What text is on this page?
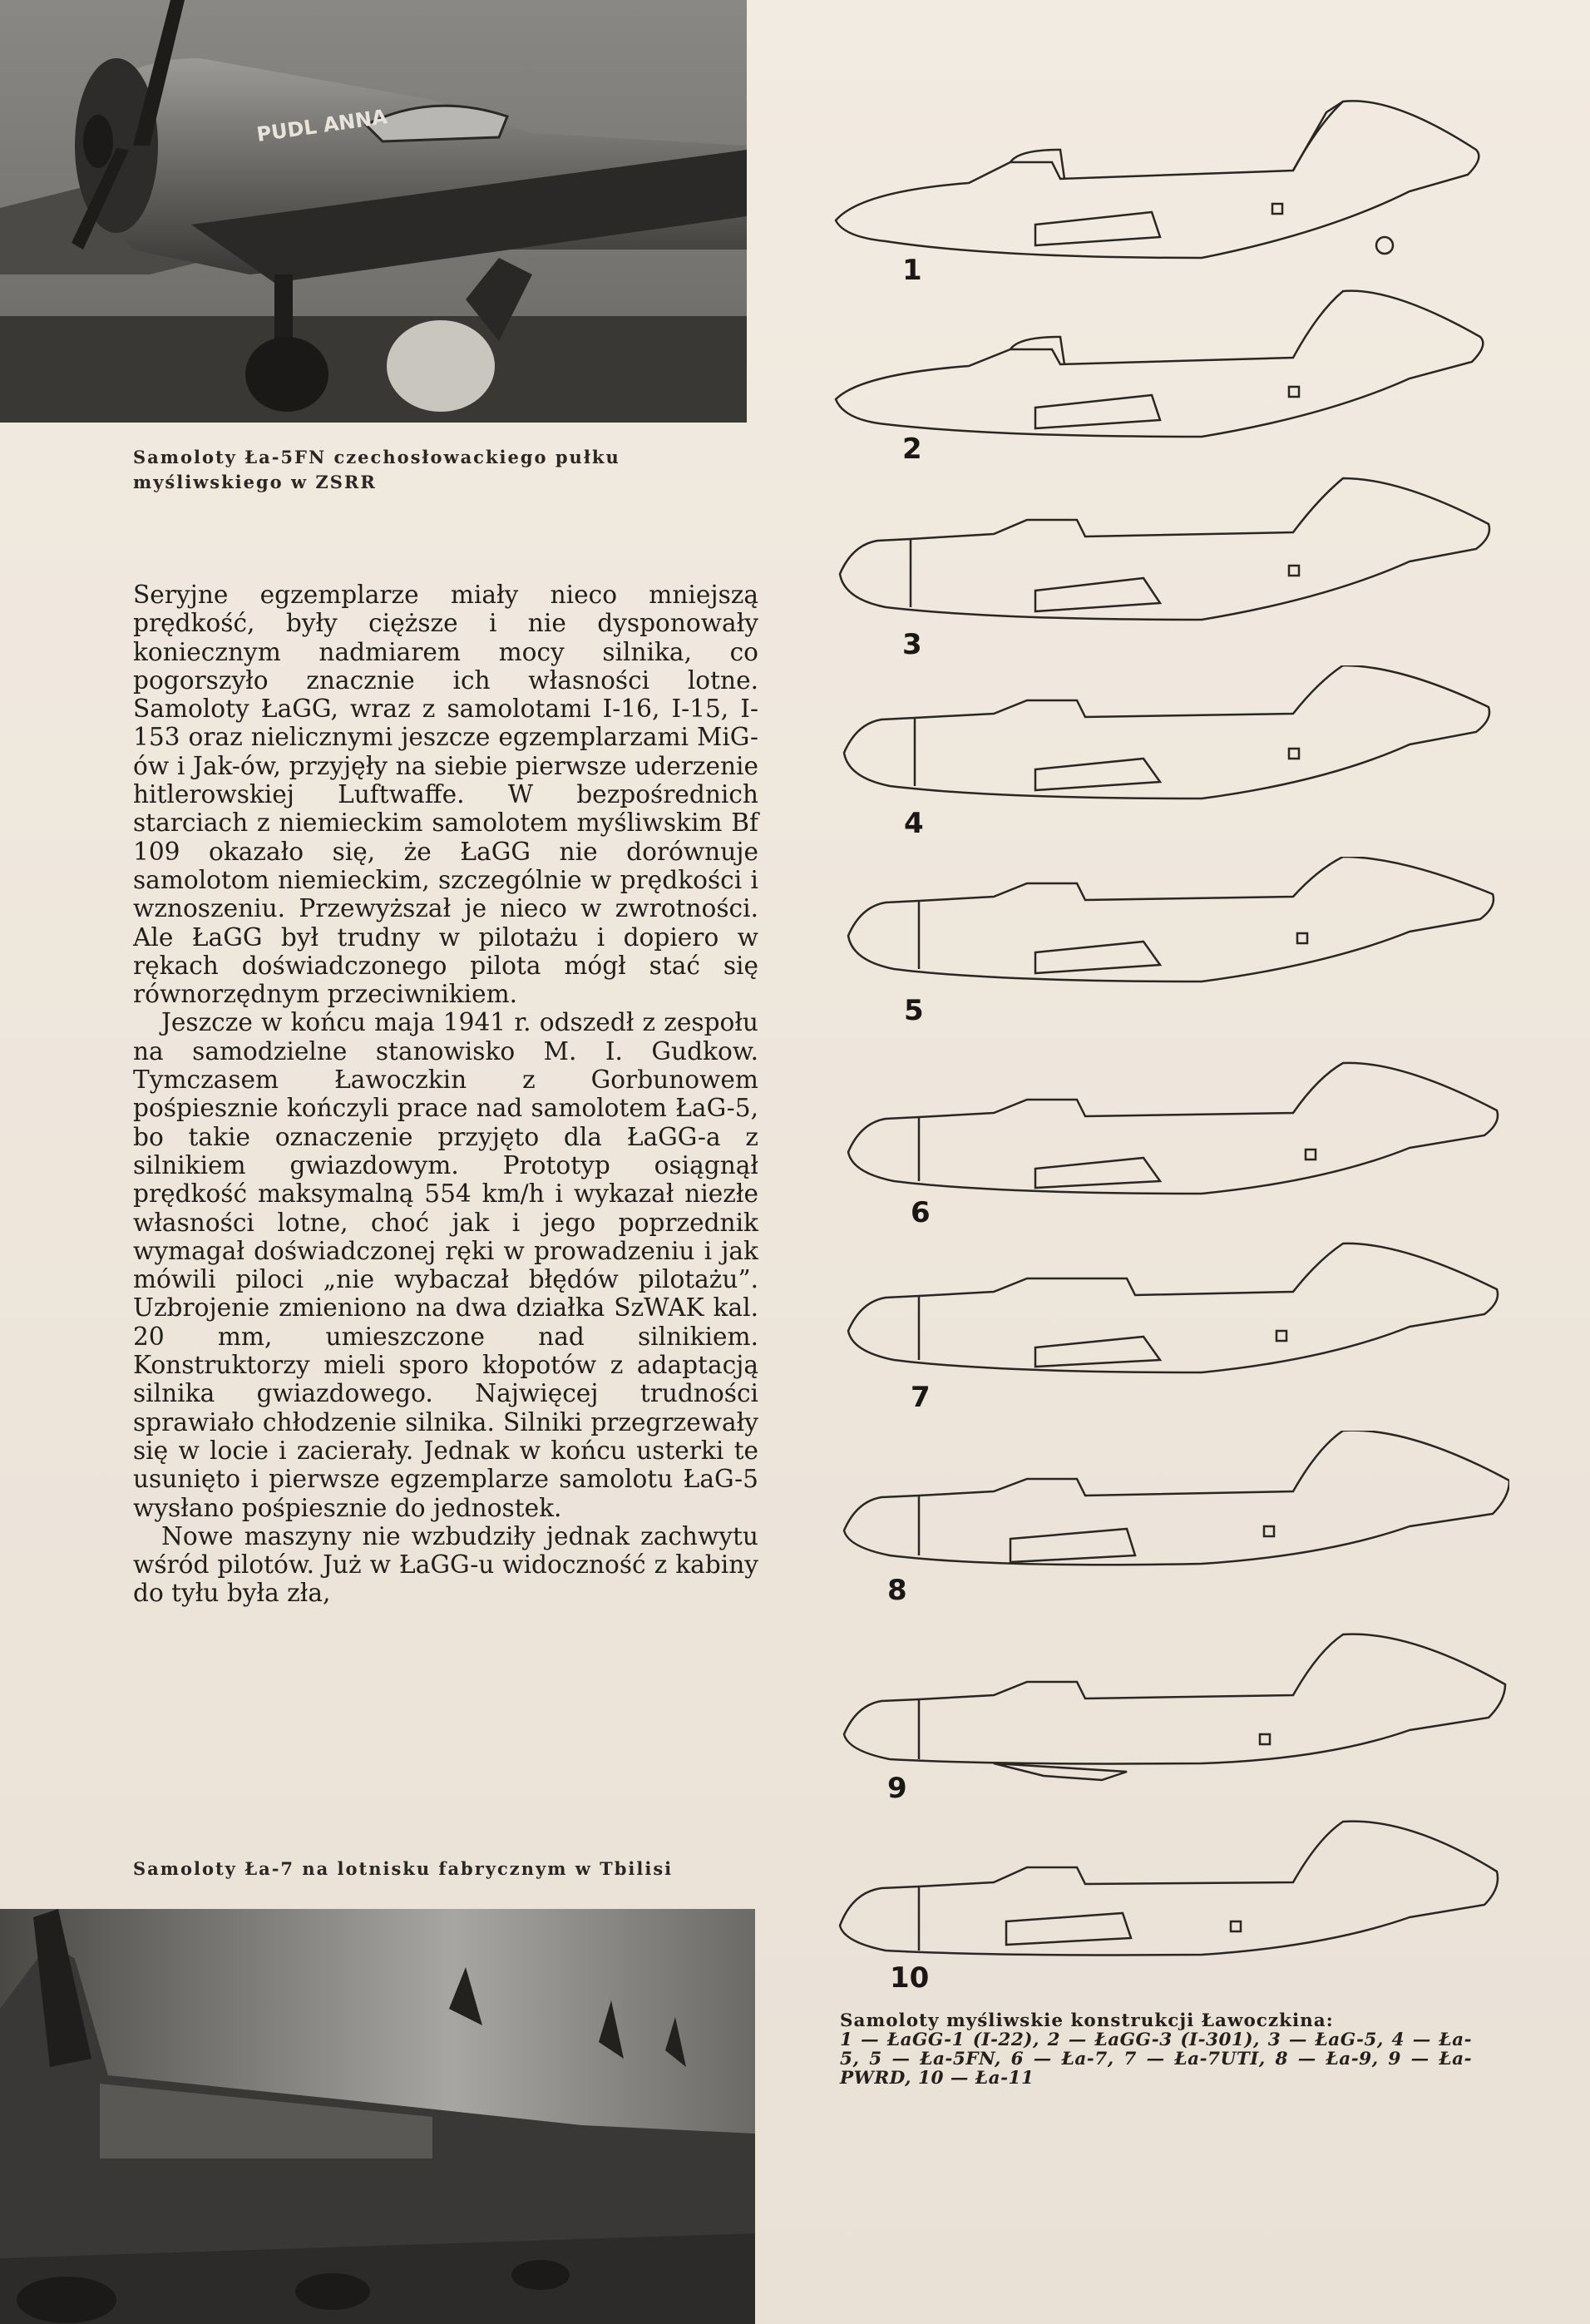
PUDL ANNA
Samoloty Ła-5FN czechosłowackiego pułku myśliwskiego w ZSRR

Seryjne egzemplarze miały nieco mniejszą prędkość, były cięższe i nie dysponowały koniecznym nadmiarem mocy silnika, co pogorszyło znacznie ich własności lotne. Samoloty ŁaGG, wraz z samolotami I-16, I-15, I-153 oraz nielicznymi jeszcze egzemplarzami MiG-ów i Jak-ów, przyjęły na siebie pierwsze uderzenie hitlerowskiej Luftwaffe. W bezpośrednich starciach z niemieckim samolotem myśliwskim Bf 109 okazało się, że ŁaGG nie dorównuje samolotom niemieckim, szczególnie w prędkości i wznoszeniu. Przewyższał je nieco w zwrotności. Ale ŁaGG był trudny w pilotażu i dopiero w rękach doświadczonego pilota mógł stać się równorzędnym przeciwnikiem.

Jeszcze w końcu maja 1941 r. odszedł z zespołu na samodzielne stanowisko M. I. Gudkow. Tymczasem Ławoczkin z Gorbunowem pośpiesznie kończyli prace nad samolotem ŁaG-5, bo takie oznaczenie przyjęto dla ŁaGG-a z silnikiem gwiazdowym. Prototyp osiągnął prędkość maksymalną 554 km/h i wykazał niezłe własności lotne, choć jak i jego poprzednik wymagał doświadczonej ręki w prowadzeniu i jak mówili piloci „nie wybaczał błędów pilotażu”. Uzbrojenie zmieniono na dwa działka SzWAK kal. 20 mm, umieszczone nad silnikiem. Konstruktorzy mieli sporo kłopotów z adaptacją silnika gwiazdowego. Najwięcej trudności sprawiało chłodzenie silnika. Silniki przegrzewały się w locie i zacierały. Jednak w końcu usterki te usunięto i pierwsze egzemplarze samolotu ŁaG-5 wysłano pośpiesznie do jednostek.

Nowe maszyny nie wzbudziły jednak zachwytu wśród pilotów. Już w ŁaGG-u widoczność z kabiny do tyłu była zła,

Samoloty Ła-7 na lotnisku fabrycznym w Tbilisi
1
2
3
4
5
6
7
8
9
10
Samoloty myśliwskie konstrukcji Ławoczkina:
1 — ŁaGG-1 (I-22), 2 — ŁaGG-3 (I-301), 3 — ŁaG-5, 4 — Ła-5, 5 — Ła-5FN, 6 — Ła-7, 7 — Ła-7UTI, 8 — Ła-9, 9 — Ła-PWRD, 10 — Ła-11
